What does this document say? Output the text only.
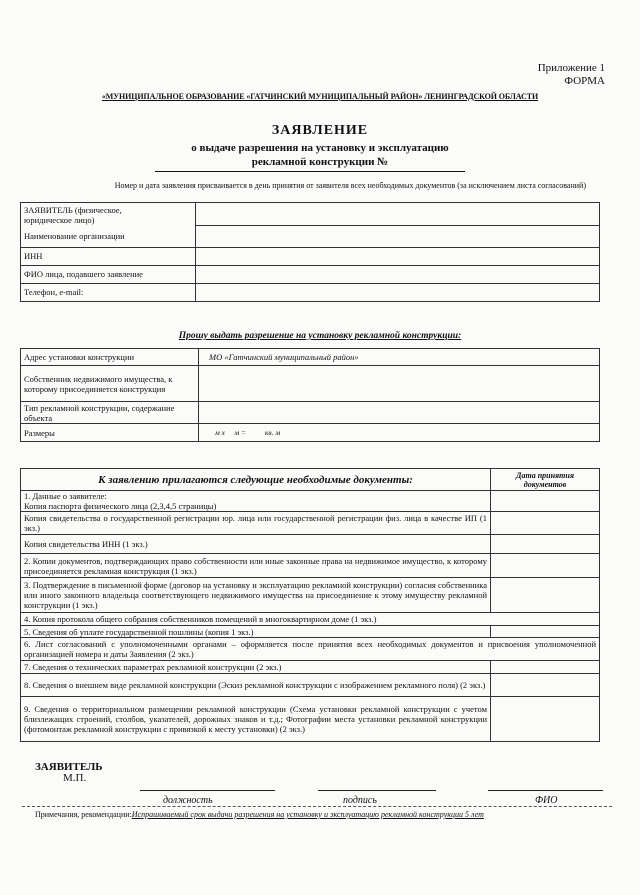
Приложение 1
ФОРМА
«МУНИЦИПАЛЬНОЕ ОБРАЗОВАНИЕ «ГАТЧИНСКИЙ МУНИЦИПАЛЬНЫЙ РАЙОН» ЛЕНИНГРАДСКОЙ ОБЛАСТИ
ЗАЯВЛЕНИЕ
о выдаче разрешения на установку и эксплуатацию
рекламной конструкции №
Номер и дата заявления присваивается в день принятия от заявителя всех необходимых документов (за исключением листа согласований)
ЗАЯВИТЕЛЬ (физическое,
юридическое лицо)	

Наименование организации	
ИНН	
ФИО лица, подавшего заявление	
Телефон, e-mail:	
Прошу выдать разрешение на установку рекламной конструкции:
Адрес установки конструкции	МО «Гатчинский муниципальный район»
Собственник недвижимого имущества, к которому присоединяется конструкция	
Тип рекламной конструкции, содержание объекта	
Размеры	м х     м =          кв. м
К заявлению прилагаются следующие необходимые документы:	Дата принятия документов
1. Данные о заявителе:	
Копия паспорта физического лица (2,3,4,5 страницы)	
Копия свидетельства о государственной регистрации юр. лица или государственной регистрации физ. лица в качестве ИП (1 экз.)	
Копия свидетельства ИНН (1 экз.)	
2. Копии документов, подтверждающих право собственности или иные законные права на недвижимое имущество, к которому присоединяется рекламная конструкция (1 экз.)	
3. Подтверждение в письменной форме (договор на установку и эксплуатацию рекламной конструкции) согласия собственника или иного законного владельца соответствующего недвижимого имущества на присоединение к этому имуществу рекламной конструкции (1 экз.)	
4. Копия протокола общего собрания собственников помещений в многоквартирном доме (1 экз.)	
5. Сведения об уплате государственной пошлины (копия 1 экз.)	
6. Лист согласований с уполномоченными органами – оформляется после принятия всех необходимых документов и присвоения уполномоченной организацией номера и даты Заявления (2 экз.)	
7. Сведения о технических параметрах рекламной конструкции (2 экз.)	
8. Сведения о внешнем виде рекламной конструкции (Эскиз рекламной конструкции с изображением рекламного поля) (2 экз.)	
9. Сведения о территориальном размещении рекламной конструкции (Схема установки рекламной конструкции с учетом близлежащих строений, столбов, указателей, дорожных знаков и т.д.; Фотографии места установки рекламной конструкции (фотомонтаж рекламной конструкции с привязкой к месту установки) (2 экз.)	
ЗАЯВИТЕЛЬ
М.П.
должность	подпись	ФИО
Примечания, рекомендации:Испрашиваемый срок выдачи разрешения на установку и эксплуатацию рекламной конструкции 5 лет
